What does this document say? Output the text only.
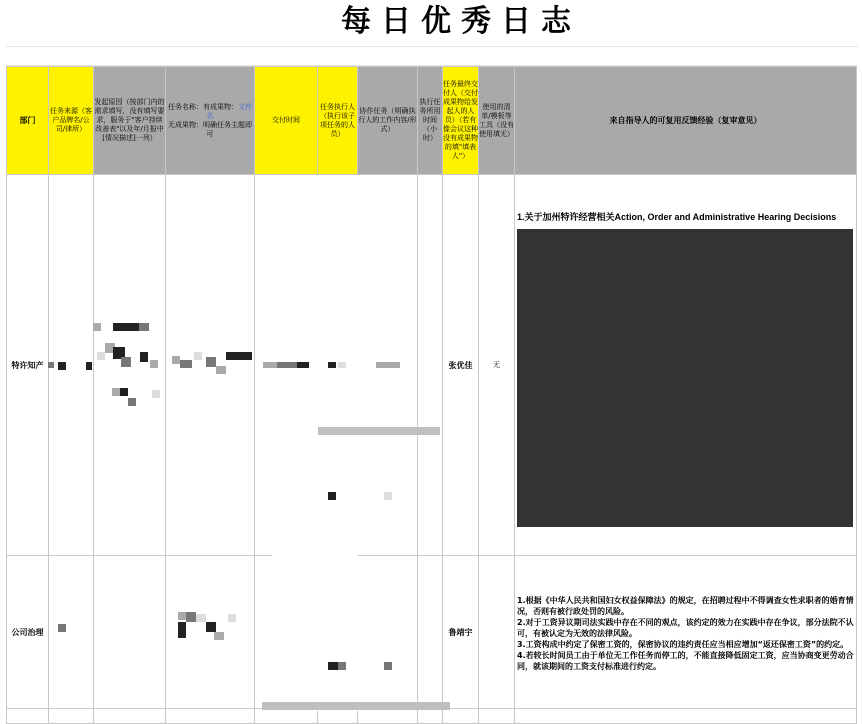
每日优秀日志
部门	任务来源（客户品牌名/公司/律所）	发起原因（按部门内的需求填写，没有填写要求，服务于"客户持续改善表"以及年/月报中[情况描述]一列）	任务名称：有成果物：文件名
无成果物：明确任务主题即可	交付时间	任务执行人（执行该子项任务的人员）	协作任务（明确执行人的工作内容/形式）	执行任务所用时间（小时）	任务最终交付人（交付成果物给发起人的人员）（若有像会议这种没有成果物的填"填表人"）	使用的清单/模板等工具（没有使用填无）	来自指导人的可复用反馈经验（复审意见）
特许知产								张优佳	无	1.关于加州特许经营相关Action, Order and Administrative Hearing Decisions

公司治理								鲁靖宇		1.根据《中华人民共和国妇女权益保障法》的规定，在招聘过程中不得调查女性求职者的婚育情况，否则有被行政处罚的风险。
2.对于工资异议期司法实践中存在不同的观点，该约定的效力在实践中存在争议，部分法院不认可，有被认定为无效的法律风险。
3.工资构成中约定了保密工资的，保密协议的违约责任应当相应增加“返还保密工资”的约定。
4.若较长时间员工由于单位无工作任务而停工的，不能直接降低固定工资，应当协商变更劳动合同，就该期间的工资支付标准进行约定。
